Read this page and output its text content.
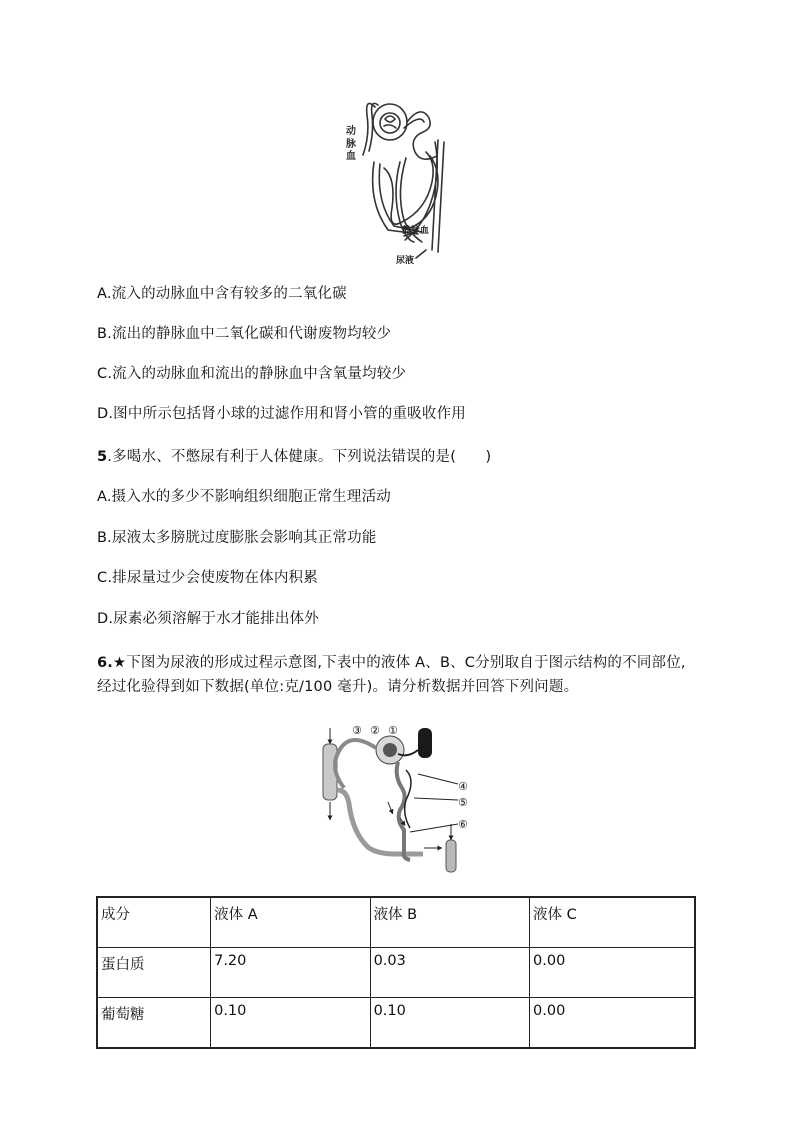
静脉血
尿液
动脉血
A.流入的动脉血中含有较多的二氧化碳
B.流出的静脉血中二氧化碳和代谢废物均较少
C.流入的动脉血和流出的静脉血中含氧量均较少
D.图中所示包括肾小球的过滤作用和肾小管的重吸收作用
5.多喝水、不憋尿有利于人体健康。下列说法错误的是(　　)
A.摄入水的多少不影响组织细胞正常生理活动
B.尿液太多膀胱过度膨胀会影响其正常功能
C.排尿量过少会使废物在体内积累
D.尿素必须溶解于水才能排出体外
6.★下图为尿液的形成过程示意图,下表中的液体 A、B、C分别取自于图示结构的不同部位,经过化验得到如下数据(单位:克/100 毫升)。请分析数据并回答下列问题。
③ ② ①
④
⑤
⑥
成分	液体 A	液体 B	液体 C
蛋白质	7.20	0.03	0.00
葡萄糖	0.10	0.10	0.00
